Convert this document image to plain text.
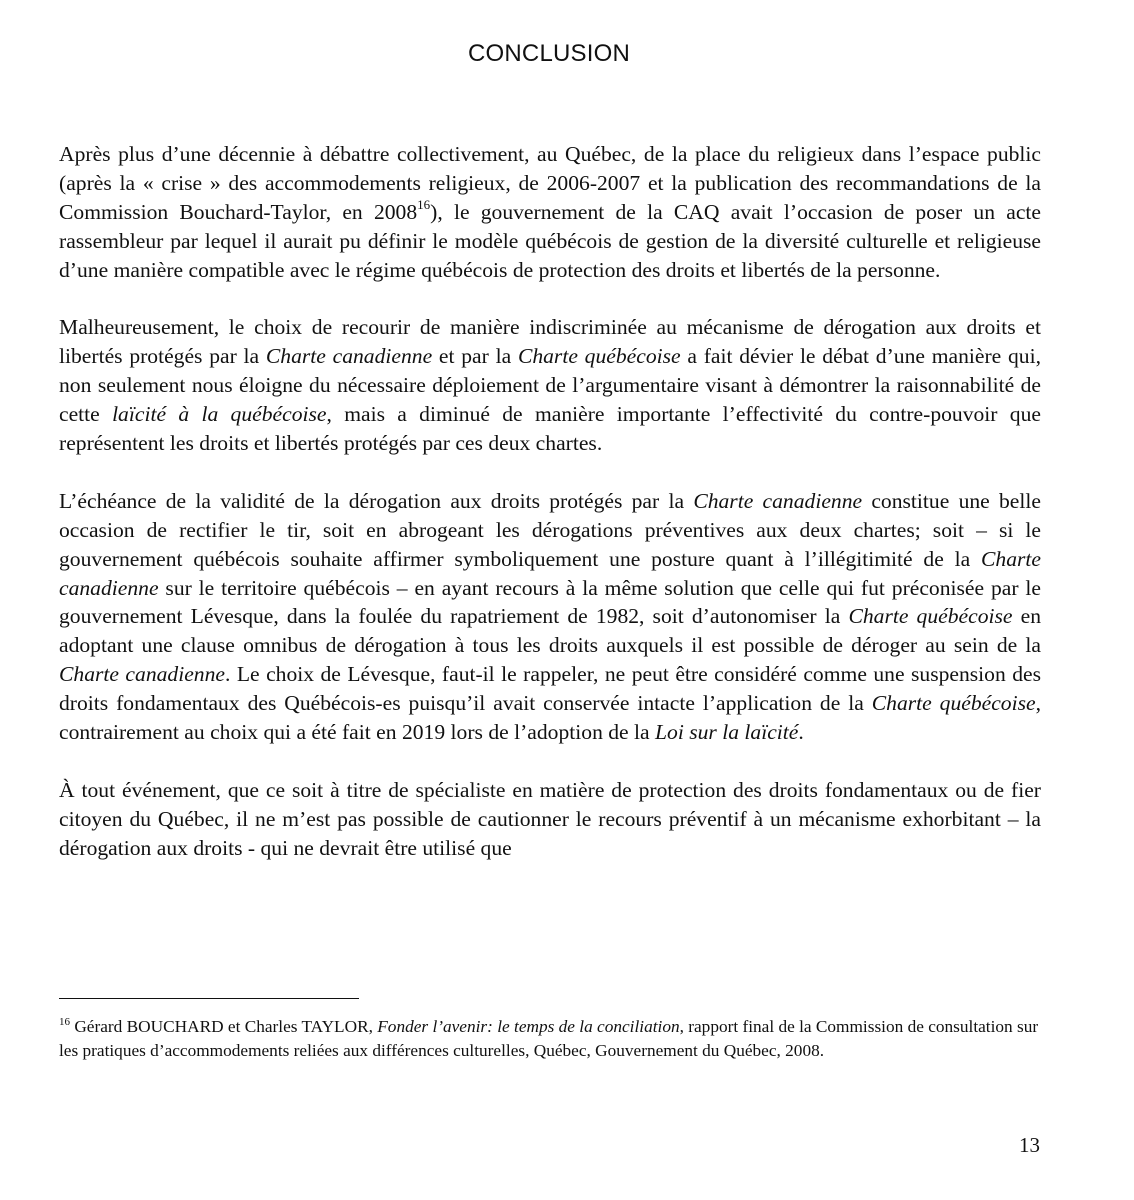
CONCLUSION

Après plus d’une décennie à débattre collectivement, au Québec, de la place du religieux dans l’espace public (après la « crise » des accommodements religieux, de 2006-2007 et la publication des recommandations de la Commission Bouchard-Taylor, en 2008$^{16}$), le gouvernement de la CAQ avait l’occasion de poser un acte rassembleur par lequel il aurait pu définir le modèle québécois de gestion de la diversité culturelle et religieuse d’une manière compatible avec le régime québécois de protection des droits et libertés de la personne.

Malheureusement, le choix de recourir de manière indiscriminée au mécanisme de dérogation aux droits et libertés protégés par la Charte canadienne et par la Charte québécoise a fait dévier le débat d’une manière qui, non seulement nous éloigne du nécessaire déploiement de l’argumentaire visant à démontrer la raisonnabilité de cette laïcité à la québécoise, mais a diminué de manière importante l’effectivité du contre-pouvoir que représentent les droits et libertés protégés par ces deux chartes.

L’échéance de la validité de la dérogation aux droits protégés par la Charte canadienne constitue une belle occasion de rectifier le tir, soit en abrogeant les dérogations préventives aux deux chartes; soit – si le gouvernement québécois souhaite affirmer symboliquement une posture quant à l’illégitimité de la Charte canadienne sur le territoire québécois – en ayant recours à la même solution que celle qui fut préconisée par le gouvernement Lévesque, dans la foulée du rapatriement de 1982, soit d’autonomiser la Charte québécoise en adoptant une clause omnibus de dérogation à tous les droits auxquels il est possible de déroger au sein de la Charte canadienne. Le choix de Lévesque, faut-il le rappeler, ne peut être considéré comme une suspension des droits fondamentaux des Québécois-es puisqu’il avait conservée intacte l’application de la Charte québécoise, contrairement au choix qui a été fait en 2019 lors de l’adoption de la Loi sur la laïcité.

À tout événement, que ce soit à titre de spécialiste en matière de protection des droits fondamentaux ou de fier citoyen du Québec, il ne m’est pas possible de cautionner le recours préventif à un mécanisme exhorbitant – la dérogation aux droits - qui ne devrait être utilisé que

$^{16}$ Gérard BOUCHARD et Charles TAYLOR, Fonder l’avenir: le temps de la conciliation, rapport final de la Commission de consultation sur les pratiques d’accommodements reliées aux différences culturelles, Québec, Gouvernement du Québec, 2008.
13
